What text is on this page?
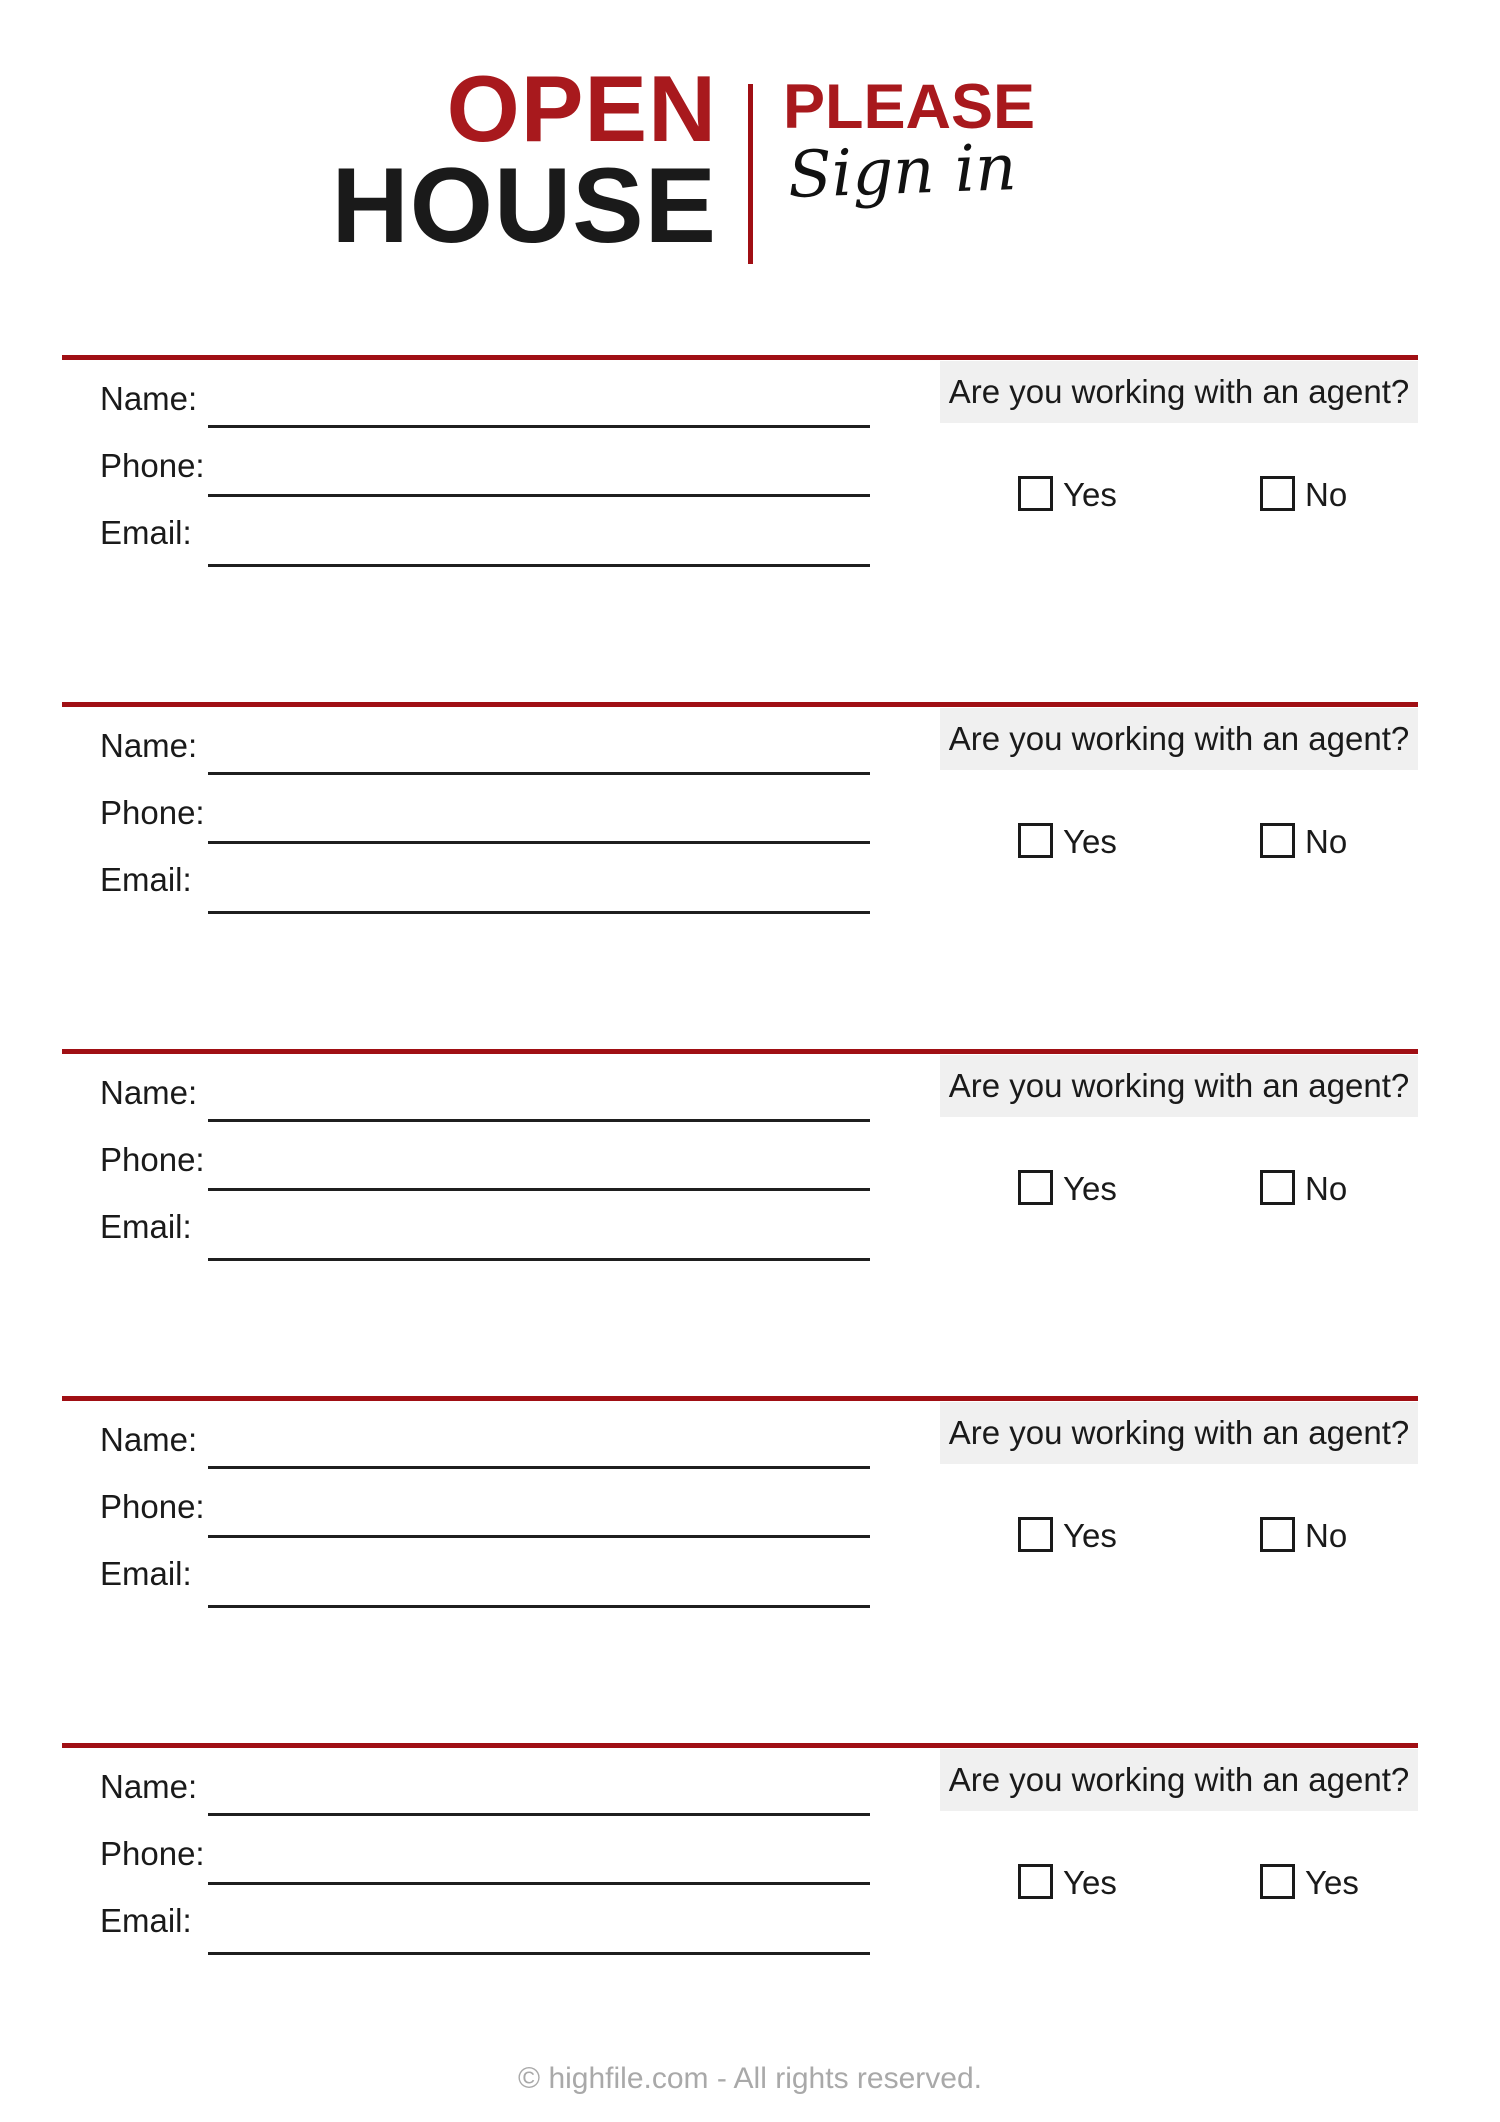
OPEN
HOUSE
PLEASE
Sign in
Name:
Phone:
Email:
Are you working with an agent?
Yes	No
Name:
Phone:
Email:
Are you working with an agent?
Yes	No
Name:
Phone:
Email:
Are you working with an agent?
Yes	No
Name:
Phone:
Email:
Are you working with an agent?
Yes	No
Name:
Phone:
Email:
Are you working with an agent?
Yes	Yes
© highfile.com - All rights reserved.
